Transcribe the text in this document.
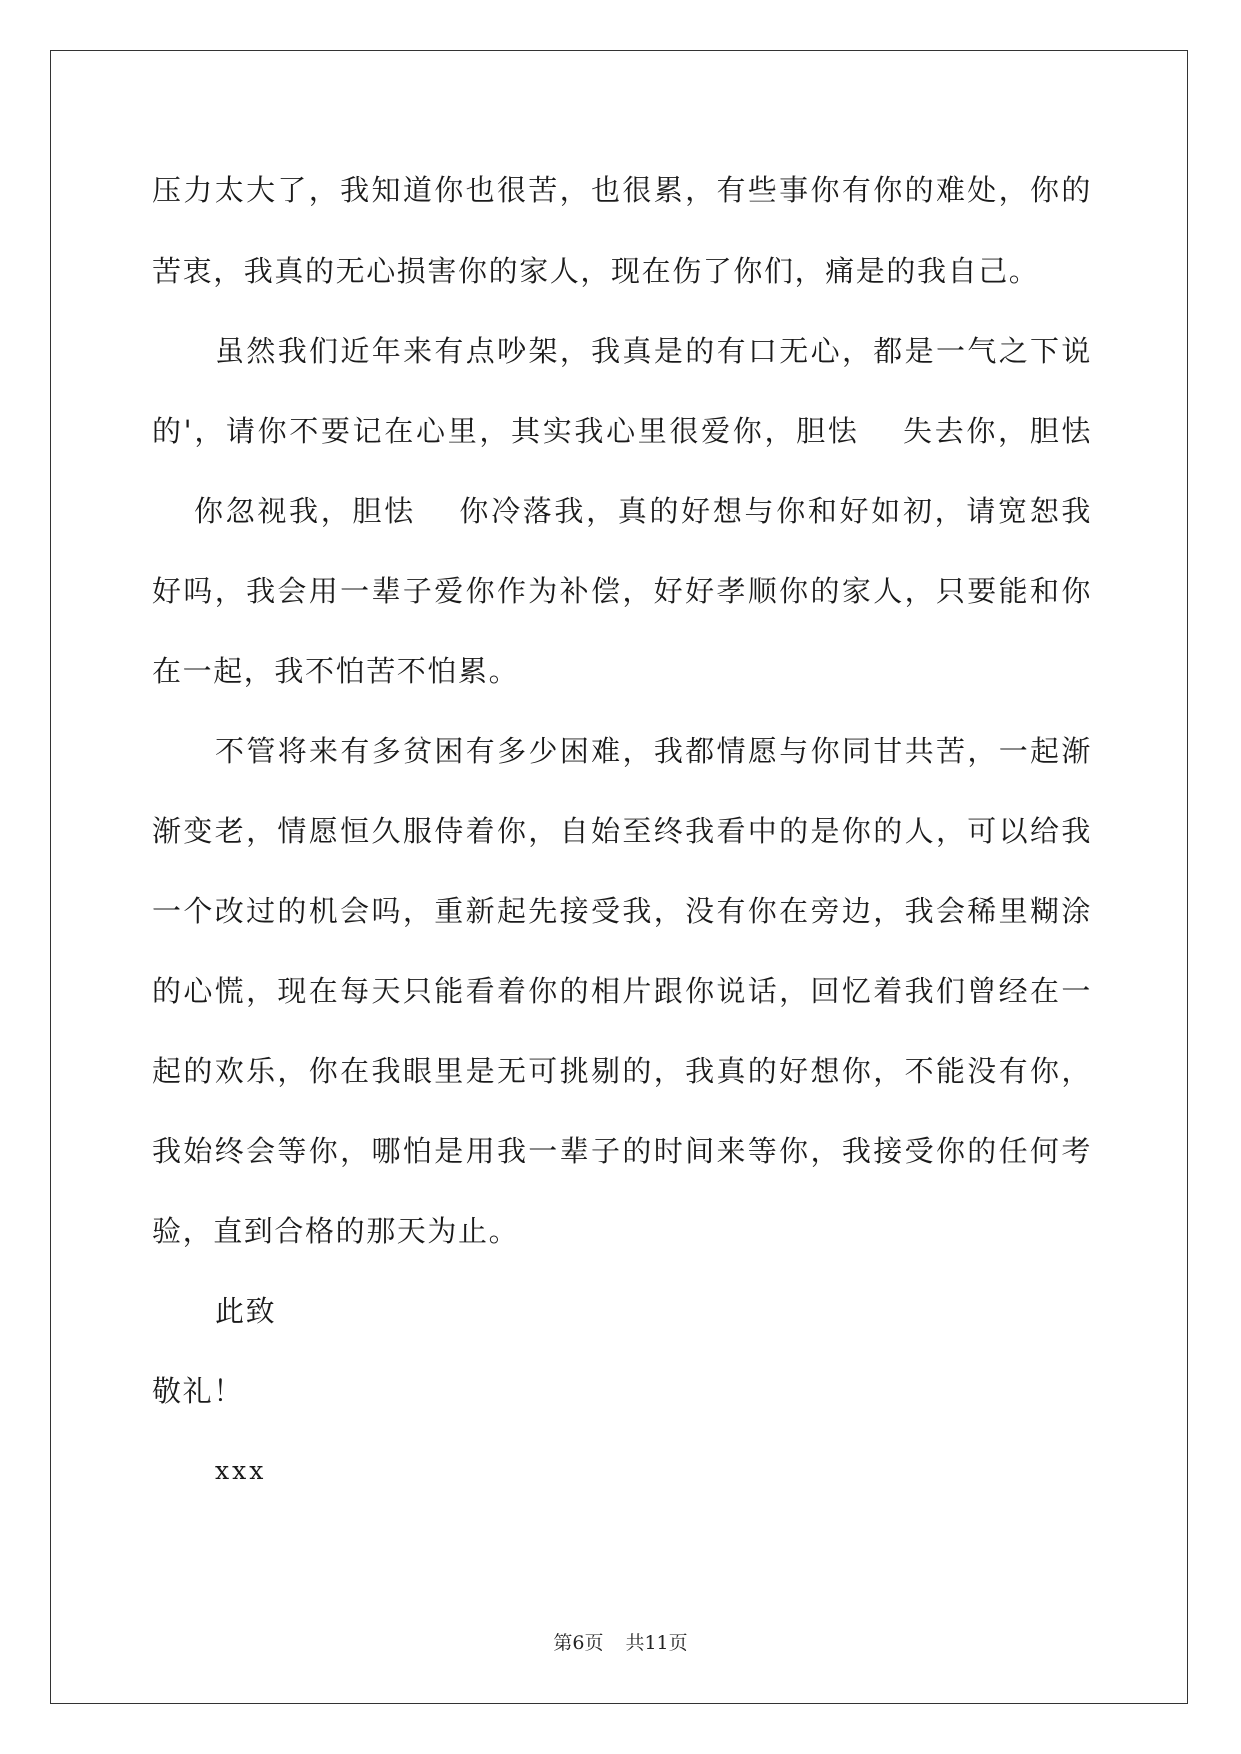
压力太大了，我知道你也很苦，也很累，有些事你有你的难处，你的
苦衷，我真的无心损害你的家人，现在伤了你们，痛是的我自己。
虽然我们近年来有点吵架，我真是的有口无心，都是一气之下说
的'，请你不要记在心里，其实我心里很爱你，胆怯　 失去你，胆怯
你忽视我，胆怯　 你冷落我，真的好想与你和好如初，请宽恕我
好吗，我会用一辈子爱你作为补偿，好好孝顺你的家人，只要能和你
在一起，我不怕苦不怕累。
不管将来有多贫困有多少困难，我都情愿与你同甘共苦，一起渐
渐变老，情愿恒久服侍着你，自始至终我看中的是你的人，可以给我
一个改过的机会吗，重新起先接受我，没有你在旁边，我会稀里糊涂
的心慌，现在每天只能看着你的相片跟你说话，回忆着我们曾经在一
起的欢乐，你在我眼里是无可挑剔的，我真的好想你，不能没有你，
我始终会等你，哪怕是用我一辈子的时间来等你，我接受你的任何考
验，直到合格的那天为止。
此致
敬礼！
xxx
第6页 共11页
